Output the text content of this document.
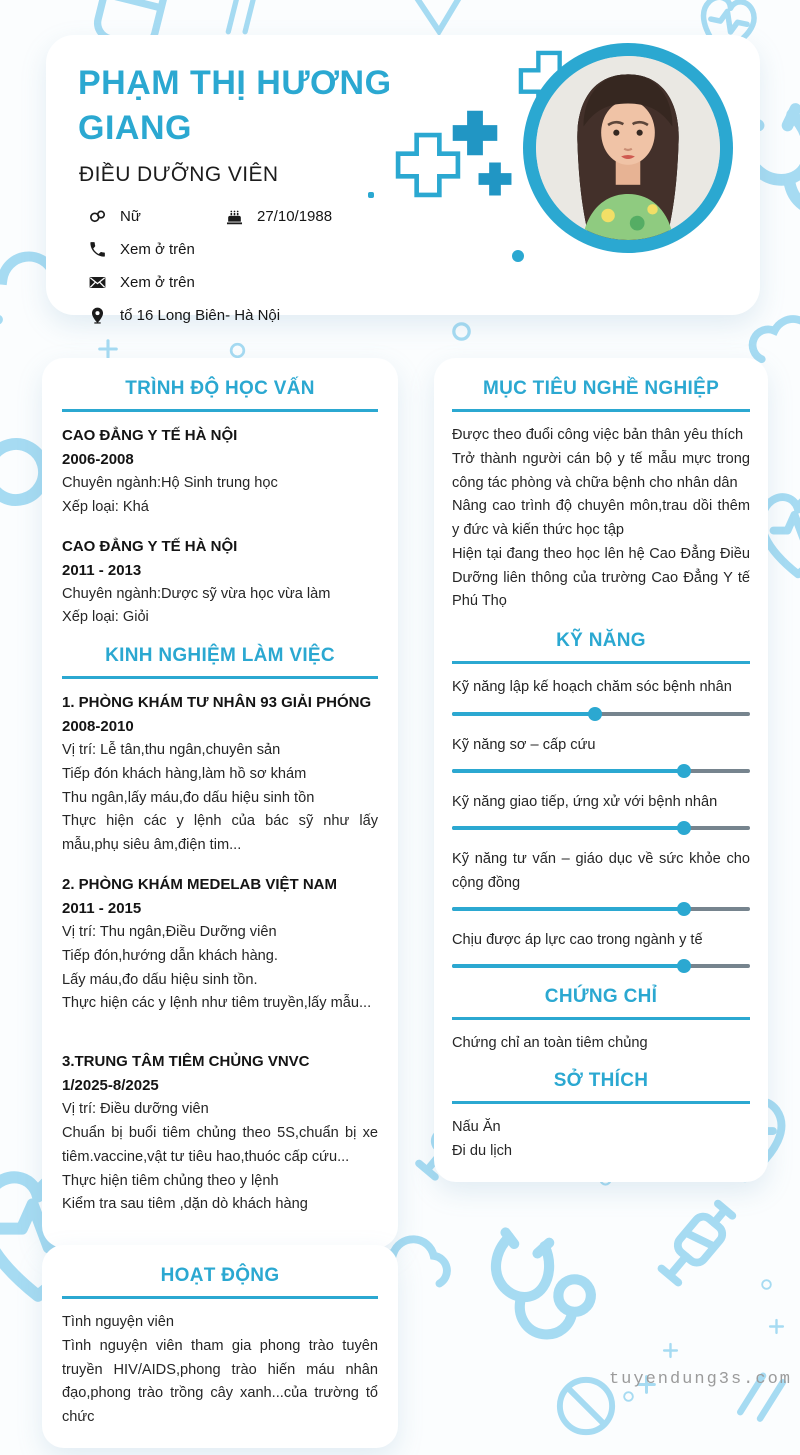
PHẠM THỊ HƯƠNG GIANG
ĐIỀU DƯỠNG VIÊN
Nữ	27/10/1988
Xem ở trên
Xem ở trên
tổ 16 Long Biên- Hà Nội
TRÌNH ĐỘ HỌC VẤN
CAO ĐẲNG Y TẾ HÀ NỘI
2006-2008
Chuyên ngành:Hộ Sinh trung học
Xếp loại: Khá
CAO ĐẲNG Y TẾ HÀ NỘI
2011 - 2013
Chuyên ngành:Dược sỹ vừa học vừa làm
Xếp loại: Giỏi
KINH NGHIỆM LÀM VIỆC
1. PHÒNG KHÁM TƯ NHÂN 93 GIẢI PHÓNG
2008-2010
Vị trí: Lễ tân,thu ngân,chuyên sản
Tiếp đón khách hàng,làm hồ sơ khám
Thu ngân,lấy máu,đo dấu hiệu sinh tồn
Thực hiện các y lệnh của bác sỹ như lấy mẫu,phụ siêu âm,điện tim...
2. PHÒNG KHÁM MEDELAB VIỆT NAM
2011 - 2015
Vị trí: Thu ngân,Điều Dưỡng viên
Tiếp đón,hướng dẫn khách hàng.
Lấy máu,đo dấu hiệu sinh tồn.
Thực hiện các y lệnh như tiêm truyền,lấy mẫu...
3.TRUNG TÂM TIÊM CHỦNG VNVC
1/2025-8/2025
Vị trí: Điều dưỡng viên
Chuẩn bị buổi tiêm chủng theo 5S,chuẩn bị xe tiêm.vaccine,vật tư tiêu hao,thuóc cấp cứu...
Thực hiện tiêm chủng theo y lệnh
Kiểm tra sau tiêm ,dặn dò khách hàng
MỤC TIÊU NGHỀ NGHIỆP
Được theo đuổi công việc bản thân yêu thích
Trở thành người cán bộ y tế mẫu mực trong công tác phòng và chữa bệnh cho nhân dân
Nâng cao trình độ chuyên môn,trau dồi thêm y đức và kiến thức học tập
Hiện tại đang theo học lên hệ Cao Đẳng Điều Dưỡng liên thông của trường Cao Đẳng Y tế Phú Thọ
KỸ NĂNG
Kỹ năng lập kế hoạch chăm sóc bệnh nhân
Kỹ năng sơ – cấp cứu
Kỹ năng giao tiếp, ứng xử với bệnh nhân
Kỹ năng tư vấn – giáo dục về sức khỏe cho cộng đồng
Chịu được áp lực cao trong ngành y tế
CHỨNG CHỈ
Chứng chỉ an toàn tiêm chủng
SỞ THÍCH
Nấu Ăn
Đi du lịch
HOẠT ĐỘNG
Tình nguyện viên
Tình nguyện viên tham gia phong trào tuyên truyền HIV/AIDS,phong trào hiến máu nhân đạo,phong trào trồng cây xanh...của trường tổ chức
tuyendung3s.com
